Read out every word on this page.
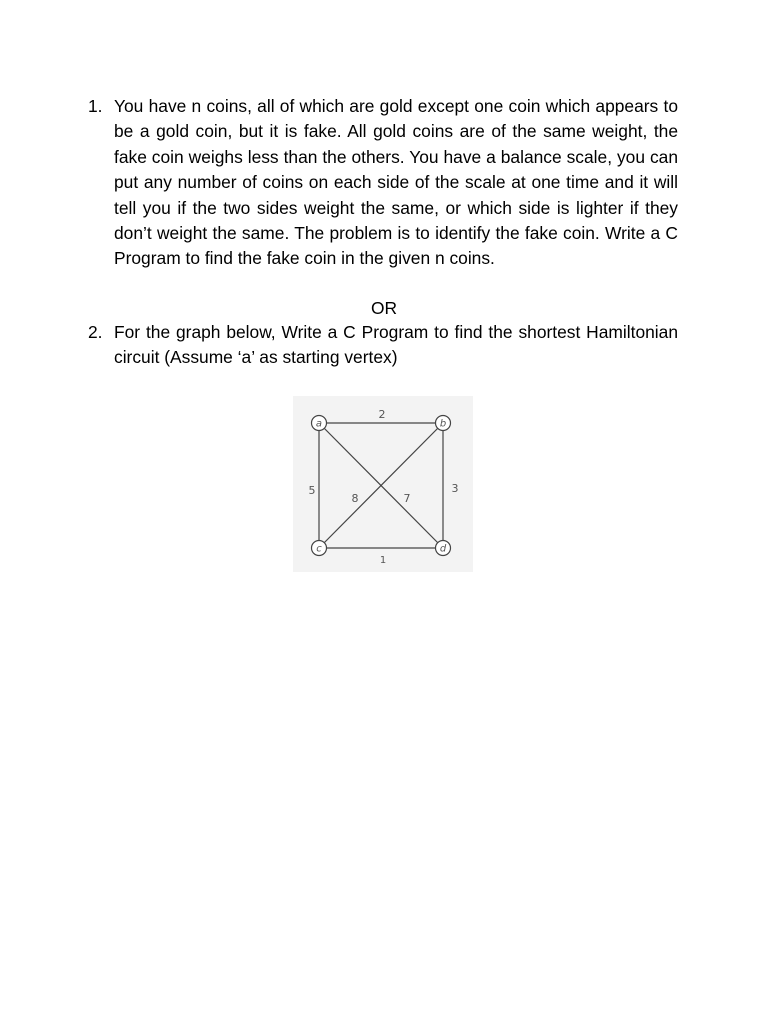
1. You have n coins, all of which are gold except one coin which appears to be a gold coin, but it is fake. All gold coins are of the same weight, the fake coin weighs less than the others. You have a balance scale, you can put any number of coins on each side of the scale at one time and it will tell you if the two sides weight the same, or which side is lighter if they don’t weight the same. The problem is to identify the fake coin. Write a C Program to find the fake coin in the given n coins.
OR
2. For the graph below, Write a C Program to find the shortest Hamiltonian circuit (Assume ‘a’ as starting vertex)
a	b
c	d
2
3
1
5
8	7
